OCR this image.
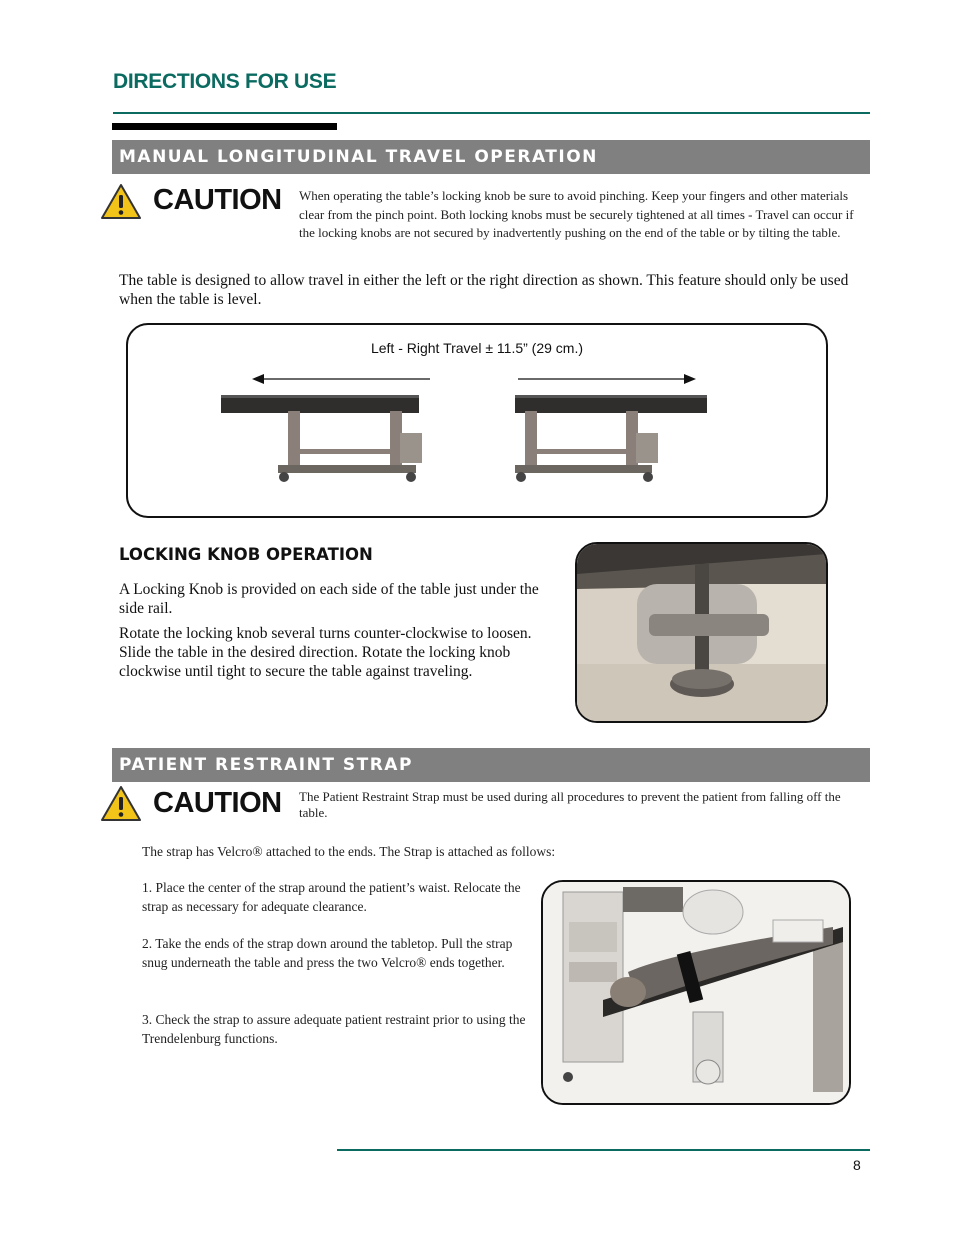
DIRECTIONS FOR USE
MANUAL LONGITUDINAL TRAVEL OPERATION
CAUTION When operating the table’s locking knob be sure to avoid pinching. Keep your fingers and other materials clear from the pinch point. Both locking knobs must be securely tightened at all times - Travel can occur if the locking knobs are not secured by inadvertently pushing on the end of the table or by tilting the table.
The table is designed to allow travel in either the left or the right direction as shown. This feature should only be used when the table is level.
Left - Right Travel ± 11.5” (29 cm.)
LOCKING KNOB OPERATION
A Locking Knob is provided on each side of the table just under the side rail.
Rotate the locking knob several turns counter-clockwise to loosen. Slide the table in the desired direction. Rotate the locking knob clockwise until tight to secure the table against traveling.
PATIENT RESTRAINT STRAP
CAUTION The Patient Restraint Strap must be used during all procedures to prevent the patient from falling off the table.
The strap has Velcro® attached to the ends. The Strap is attached as follows:
1. Place the center of the strap around the patient’s waist. Relocate the strap as necessary for adequate clearance.
2. Take the ends of the strap down around the tabletop. Pull the strap snug underneath the table and press the two Velcro® ends together.
3. Check the strap to assure adequate patient restraint prior to using the Trendelenburg functions.
8
